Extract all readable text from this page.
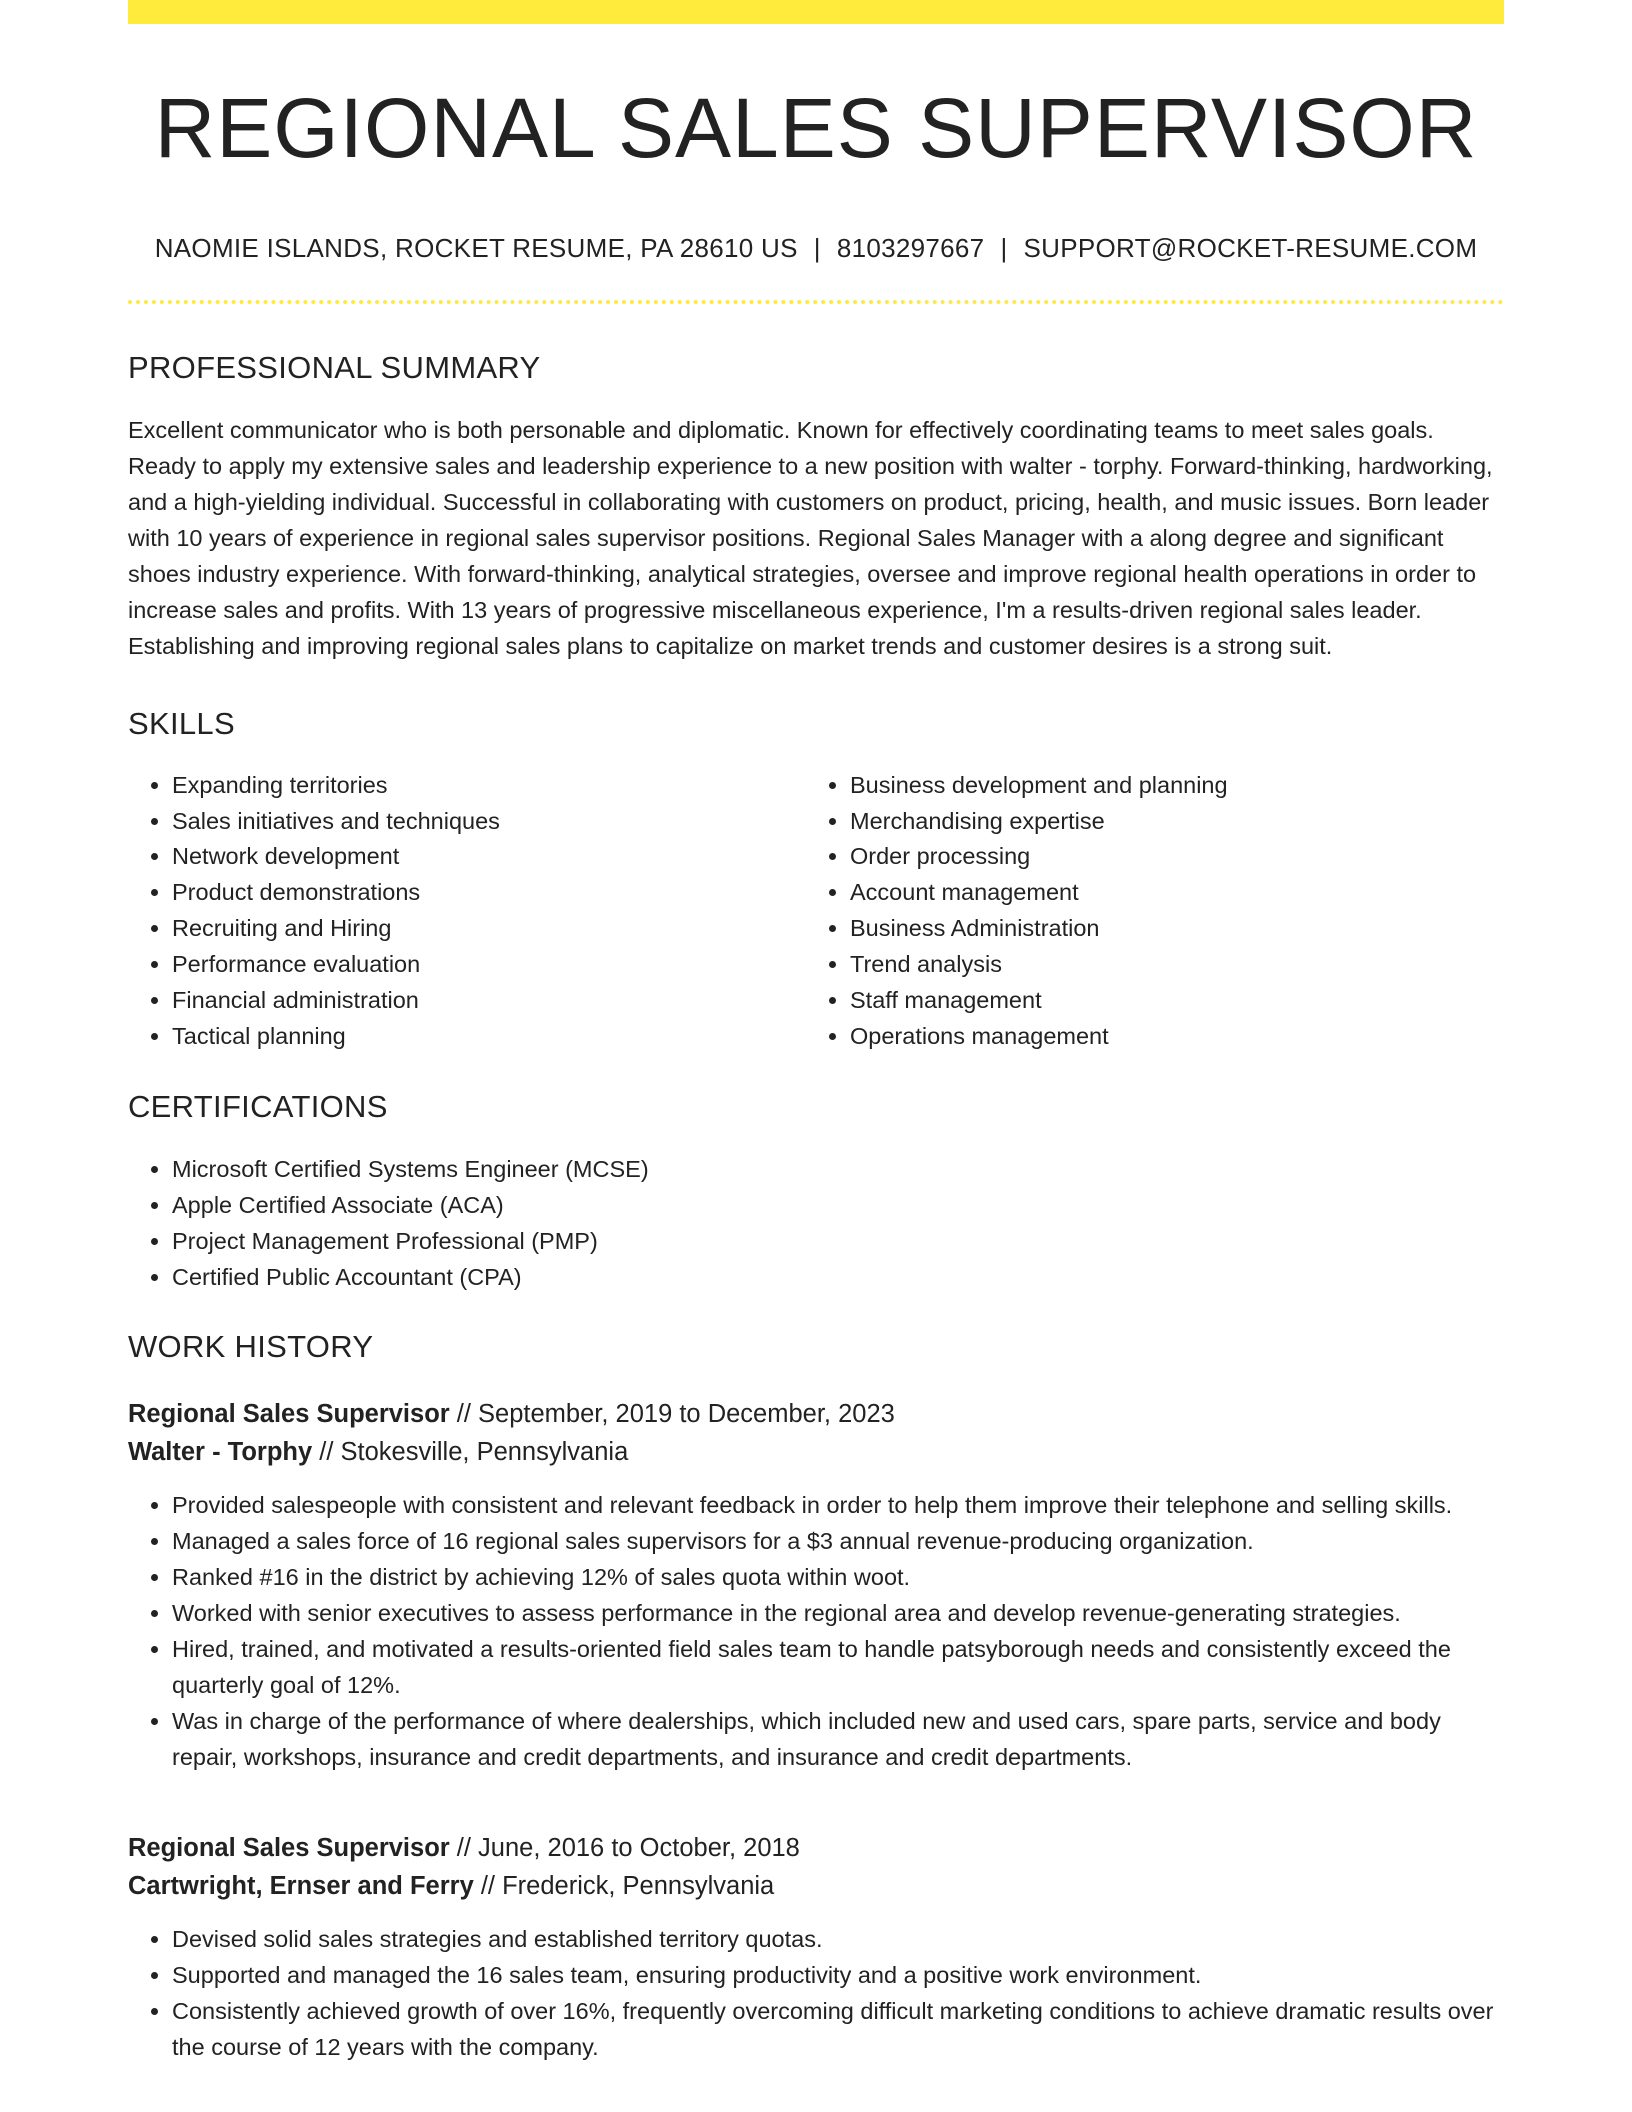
REGIONAL SALES SUPERVISOR
NAOMIE ISLANDS, ROCKET RESUME, PA 28610 US | 8103297667 | SUPPORT@ROCKET-RESUME.COM
PROFESSIONAL SUMMARY
Excellent communicator who is both personable and diplomatic. Known for effectively coordinating teams to meet sales goals. Ready to apply my extensive sales and leadership experience to a new position with walter - torphy. Forward-thinking, hardworking, and a high-yielding individual. Successful in collaborating with customers on product, pricing, health, and music issues. Born leader with 10 years of experience in regional sales supervisor positions. Regional Sales Manager with a along degree and significant shoes industry experience. With forward-thinking, analytical strategies, oversee and improve regional health operations in order to increase sales and profits. With 13 years of progressive miscellaneous experience, I'm a results-driven regional sales leader. Establishing and improving regional sales plans to capitalize on market trends and customer desires is a strong suit.
SKILLS
• Expanding territories
• Sales initiatives and techniques
• Network development
• Product demonstrations
• Recruiting and Hiring
• Performance evaluation
• Financial administration
• Tactical planning
• Business development and planning
• Merchandising expertise
• Order processing
• Account management
• Business Administration
• Trend analysis
• Staff management
• Operations management
CERTIFICATIONS
• Microsoft Certified Systems Engineer (MCSE)
• Apple Certified Associate (ACA)
• Project Management Professional (PMP)
• Certified Public Accountant (CPA)
WORK HISTORY
Regional Sales Supervisor // September, 2019 to December, 2023
Walter - Torphy // Stokesville, Pennsylvania
• Provided salespeople with consistent and relevant feedback in order to help them improve their telephone and selling skills.
• Managed a sales force of 16 regional sales supervisors for a $3 annual revenue-producing organization.
• Ranked #16 in the district by achieving 12% of sales quota within woot.
• Worked with senior executives to assess performance in the regional area and develop revenue-generating strategies.
• Hired, trained, and motivated a results-oriented field sales team to handle patsyborough needs and consistently exceed the quarterly goal of 12%.
• Was in charge of the performance of where dealerships, which included new and used cars, spare parts, service and body repair, workshops, insurance and credit departments, and insurance and credit departments.
Regional Sales Supervisor // June, 2016 to October, 2018
Cartwright, Ernser and Ferry // Frederick, Pennsylvania
• Devised solid sales strategies and established territory quotas.
• Supported and managed the 16 sales team, ensuring productivity and a positive work environment.
• Consistently achieved growth of over 16%, frequently overcoming difficult marketing conditions to achieve dramatic results over the course of 12 years with the company.
